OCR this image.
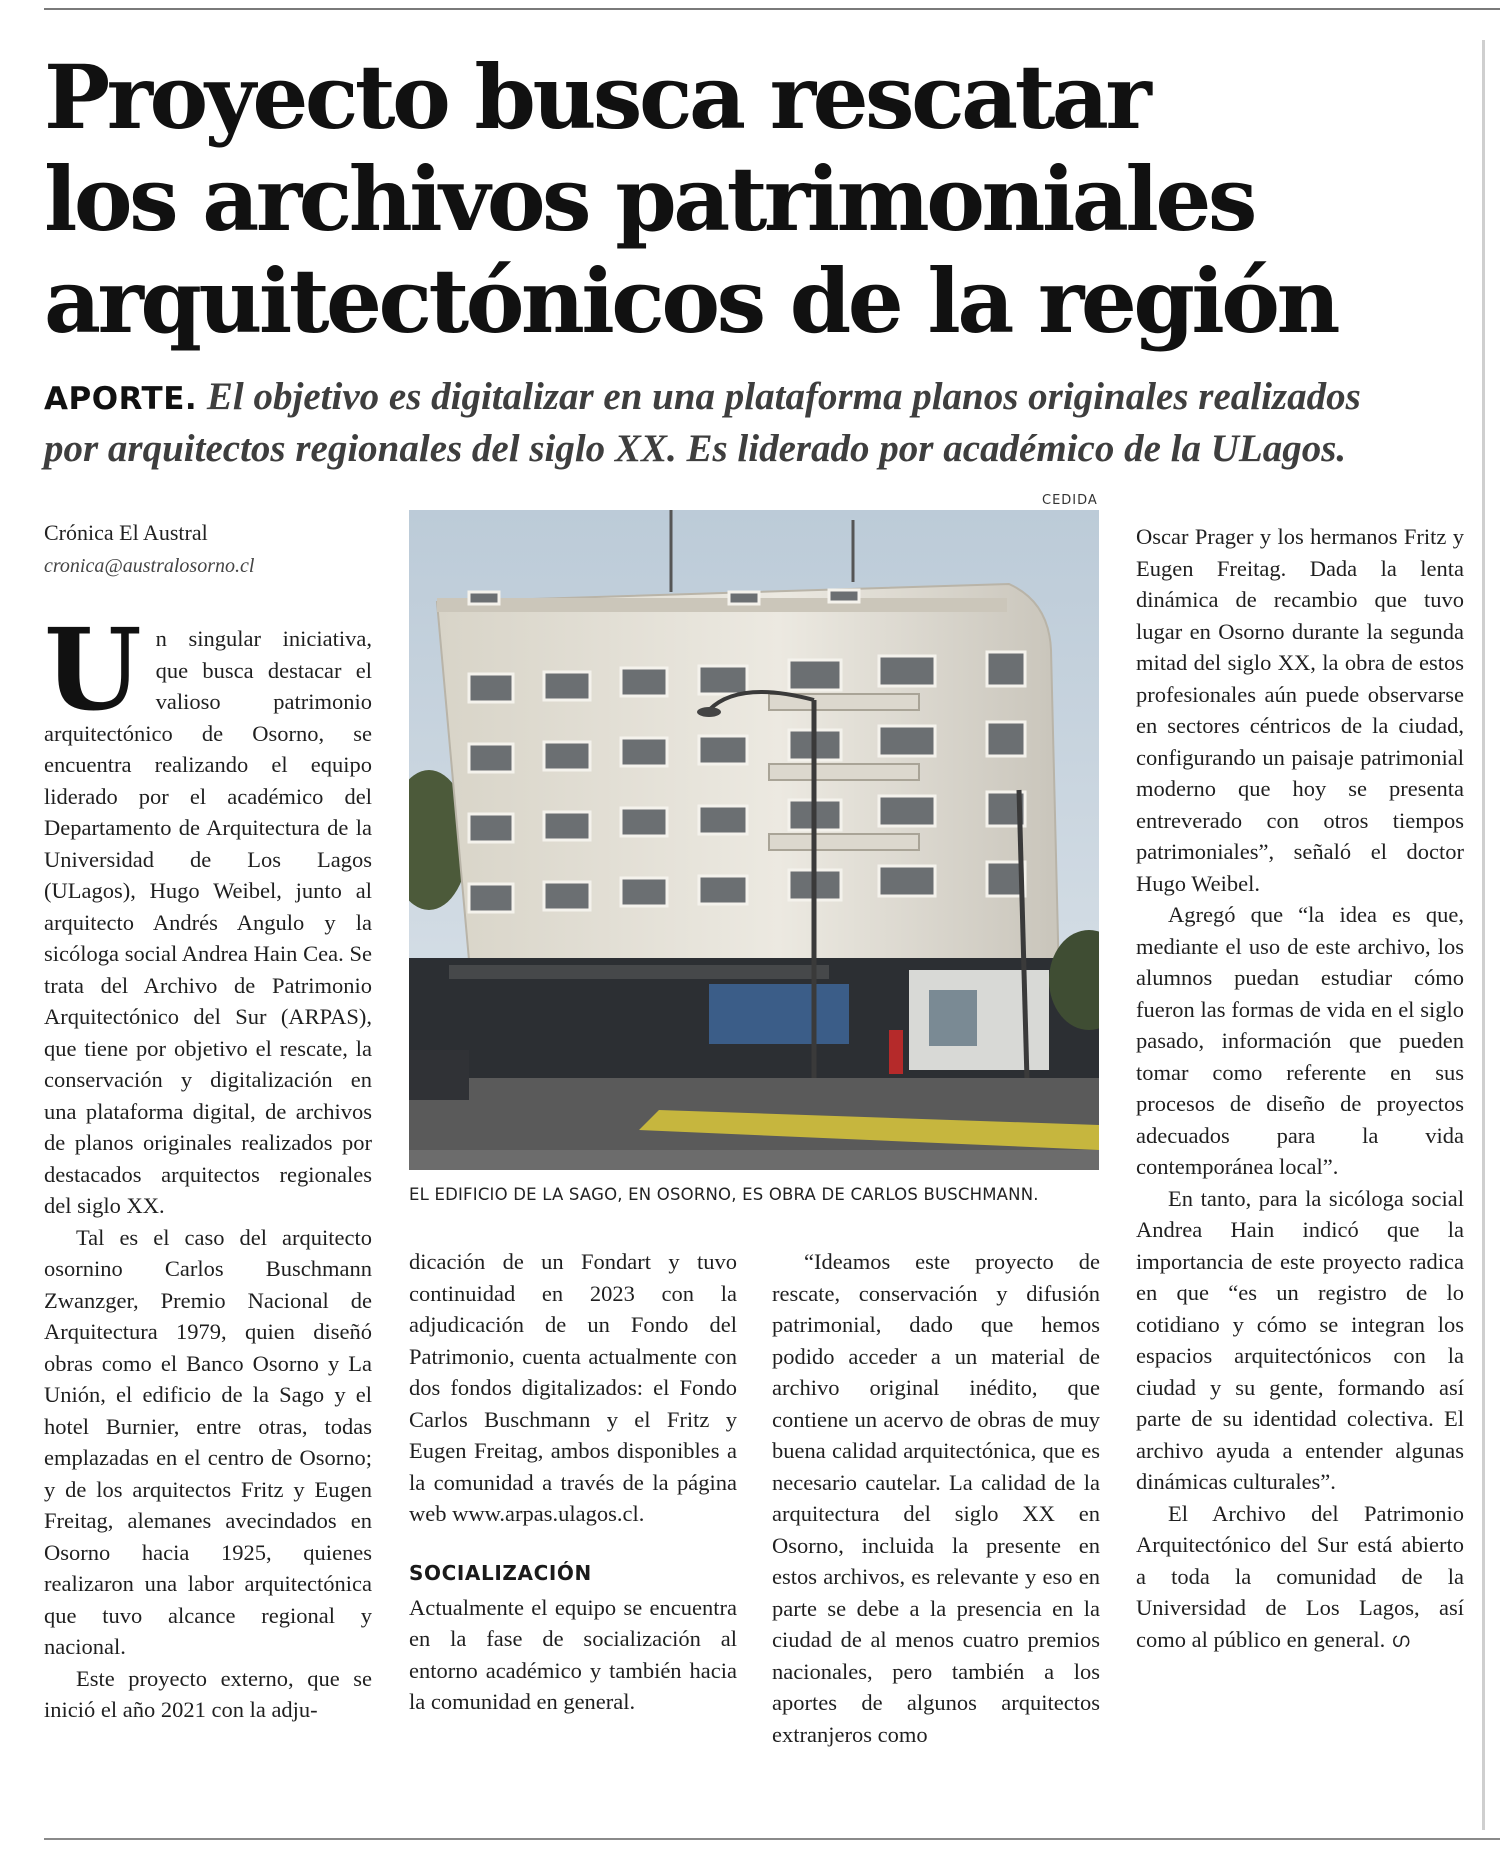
Proyecto busca rescatar
los archivos patrimoniales
arquitectónicos de la región

APORTE. El objetivo es digitalizar en una plataforma planos originales realizados
por arquitectos regionales del siglo XX. Es liderado por académico de la ULagos.

Crónica El Austral
cronica@australosorno.cl
CEDIDA
EL EDIFICIO DE LA SAGO, EN OSORNO, ES OBRA DE CARLOS BUSCHMANN.

Un singular iniciativa, que busca destacar el valioso patrimonio arquitectónico de Osorno, se encuentra realizando el equipo liderado por el académico del Departamento de Arquitectura de la Universidad de Los Lagos (ULagos), Hugo Weibel, junto al arquitecto Andrés Angulo y la sicóloga social Andrea Hain Cea. Se trata del Archivo de Patrimonio Arquitectónico del Sur (ARPAS), que tiene por objetivo el rescate, la conservación y digitalización en una plataforma digital, de archivos de planos originales realizados por destacados arquitectos regionales del siglo XX.

Tal es el caso del arquitecto osornino Carlos Buschmann Zwanzger, Premio Nacional de Arquitectura 1979, quien diseñó obras como el Banco Osorno y La Unión, el edificio de la Sago y el hotel Burnier, entre otras, todas emplazadas en el centro de Osorno; y de los arquitectos Fritz y Eugen Freitag, alemanes avecindados en Osorno hacia 1925, quienes realizaron una labor arquitectónica que tuvo alcance regional y nacional.

Este proyecto externo, que se inició el año 2021 con la adju-

dicación de un Fondart y tuvo continuidad en 2023 con la adjudicación de un Fondo del Patrimonio, cuenta actualmente con dos fondos digitalizados: el Fondo Carlos Buschmann y el Fritz y Eugen Freitag, ambos disponibles a la comunidad a través de la página web www.arpas.ulagos.cl.

SOCIALIZACIÓN

Actualmente el equipo se encuentra en la fase de socialización al entorno académico y también hacia la comunidad en general.

“Ideamos este proyecto de rescate, conservación y difusión patrimonial, dado que hemos podido acceder a un material de archivo original inédito, que contiene un acervo de obras de muy buena calidad arquitectónica, que es necesario cautelar. La calidad de la arquitectura del siglo XX en Osorno, incluida la presente en estos archivos, es relevante y eso en parte se debe a la presencia en la ciudad de al menos cuatro premios nacionales, pero también a los aportes de algunos arquitectos extranjeros como

Oscar Prager y los hermanos Fritz y Eugen Freitag. Dada la lenta dinámica de recambio que tuvo lugar en Osorno durante la segunda mitad del siglo XX, la obra de estos profesionales aún puede observarse en sectores céntricos de la ciudad, configurando un paisaje patrimonial moderno que hoy se presenta entreverado con otros tiempos patrimoniales”, señaló el doctor Hugo Weibel.

Agregó que “la idea es que, mediante el uso de este archivo, los alumnos puedan estudiar cómo fueron las formas de vida en el siglo pasado, información que pueden tomar como referente en sus procesos de diseño de proyectos adecuados para la vida contemporánea local”.

En tanto, para la sicóloga social Andrea Hain indicó que la importancia de este proyecto radica en que “es un registro de lo cotidiano y cómo se integran los espacios arquitectónicos con la ciudad y su gente, formando así parte de su identidad colectiva. El archivo ayuda a entender algunas dinámicas culturales”.

El Archivo del Patrimonio Arquitectónico del Sur está abierto a toda la comunidad de la Universidad de Los Lagos, así como al público en general. ഗ
